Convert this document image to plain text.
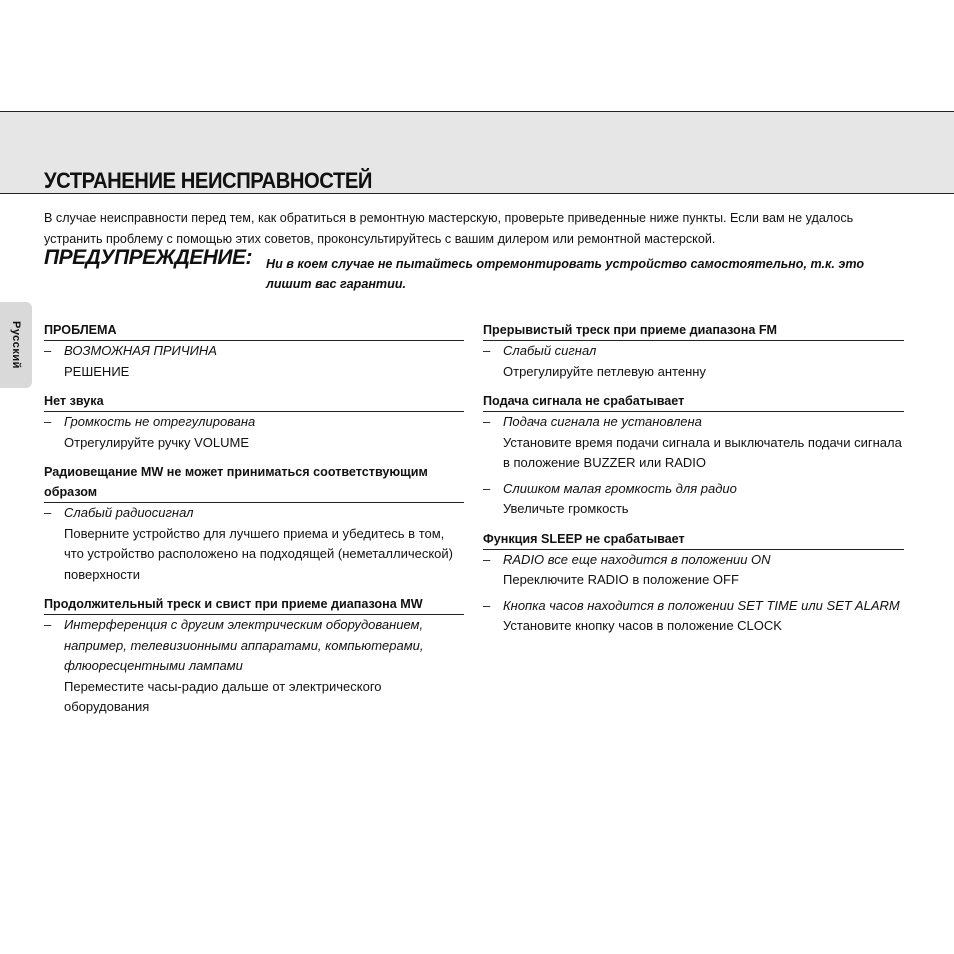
УСТРАНЕНИЕ НЕИСПРАВНОСТЕЙ

В случае неисправности перед тем, как обратиться в ремонтную мастерскую, проверьте приведенные ниже пункты. Если вам не удалось устранить проблему с помощью этих советов, проконсультируйтесь с вашим дилером или ремонтной мастерской.

ПРЕДУПРЕЖДЕНИЕ: Ни в коем случае не пытайтесь отремонтировать устройство самостоятельно, т.к. это лишит вас гарантии.

Русский ПРОБЛЕМА

– ВОЗМОЖНАЯ ПРИЧИНА
РЕШЕНИЕ

Нет звука

– Громкость не отрегулирована
Отрегулируйте ручку VOLUME

Радиовещание MW не может приниматься соответствующим образом

– Слабый радиосигнал
Поверните устройство для лучшего приема и убедитесь в том, что устройство расположено на подходящей (неметаллической) поверхности

Продолжительный треск и свист при приеме диапазона MW

– Интерференция с другим электрическим оборудованием, например, телевизионными аппаратами, компьютерами, флюоресцентными лампами
Переместите часы-радио дальше от электрического оборудования

Прерывистый треск при приеме диапазона FM

– Слабый сигнал
Отрегулируйте петлевую антенну

Подача сигнала не срабатывает

– Подача сигнала не установлена
Установите время подачи сигнала и выключатель подачи сигнала в положение BUZZER или RADIO
– Слишком малая громкость для радио
Увеличьте громкость

Функция SLEEP не срабатывает

– RADIO все еще находится в положении ON
Переключите RADIO в положение OFF
– Кнопка часов находится в положении SET TIME или SET ALARM
Установите кнопку часов в положение CLOCK
